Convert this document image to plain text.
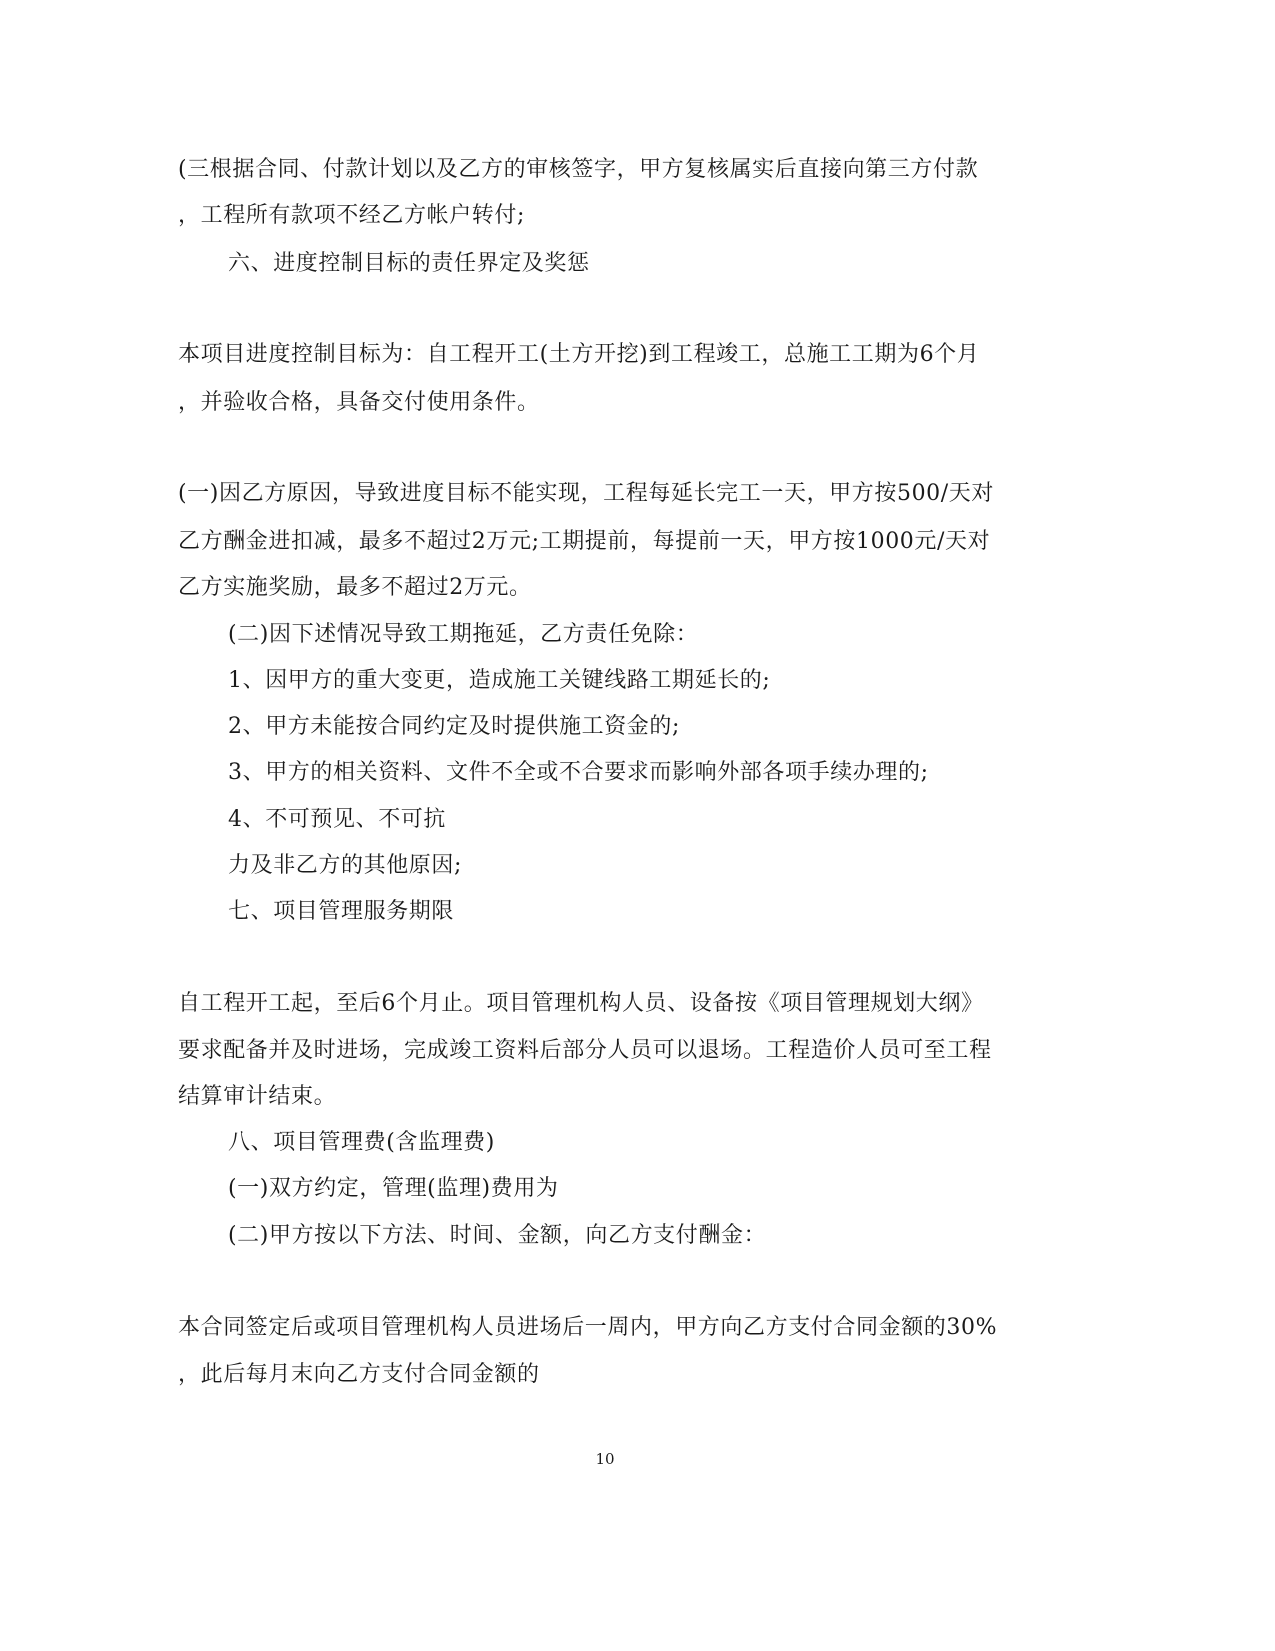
(三根据合同、付款计划以及乙方的审核签字，甲方复核属实后直接向第三方付款
，工程所有款项不经乙方帐户转付;
六、进度控制目标的责任界定及奖惩
本项目进度控制目标为：自工程开工(土方开挖)到工程竣工，总施工工期为6个月
，并验收合格，具备交付使用条件。
(一)因乙方原因，导致进度目标不能实现，工程每延长完工一天，甲方按500/天对
乙方酬金进扣减，最多不超过2万元;工期提前，每提前一天，甲方按1000元/天对
乙方实施奖励，最多不超过2万元。
(二)因下述情况导致工期拖延，乙方责任免除：
1、因甲方的重大变更，造成施工关键线路工期延长的;
2、甲方未能按合同约定及时提供施工资金的;
3、甲方的相关资料、文件不全或不合要求而影响外部各项手续办理的;
4、不可预见、不可抗
力及非乙方的其他原因;
七、项目管理服务期限
自工程开工起，至后6个月止。项目管理机构人员、设备按《项目管理规划大纲》
要求配备并及时进场，完成竣工资料后部分人员可以退场。工程造价人员可至工程
结算审计结束。
八、项目管理费(含监理费)
(一)双方约定，管理(监理)费用为
(二)甲方按以下方法、时间、金额，向乙方支付酬金：
本合同签定后或项目管理机构人员进场后一周内，甲方向乙方支付合同金额的30%
，此后每月末向乙方支付合同金额的
10
